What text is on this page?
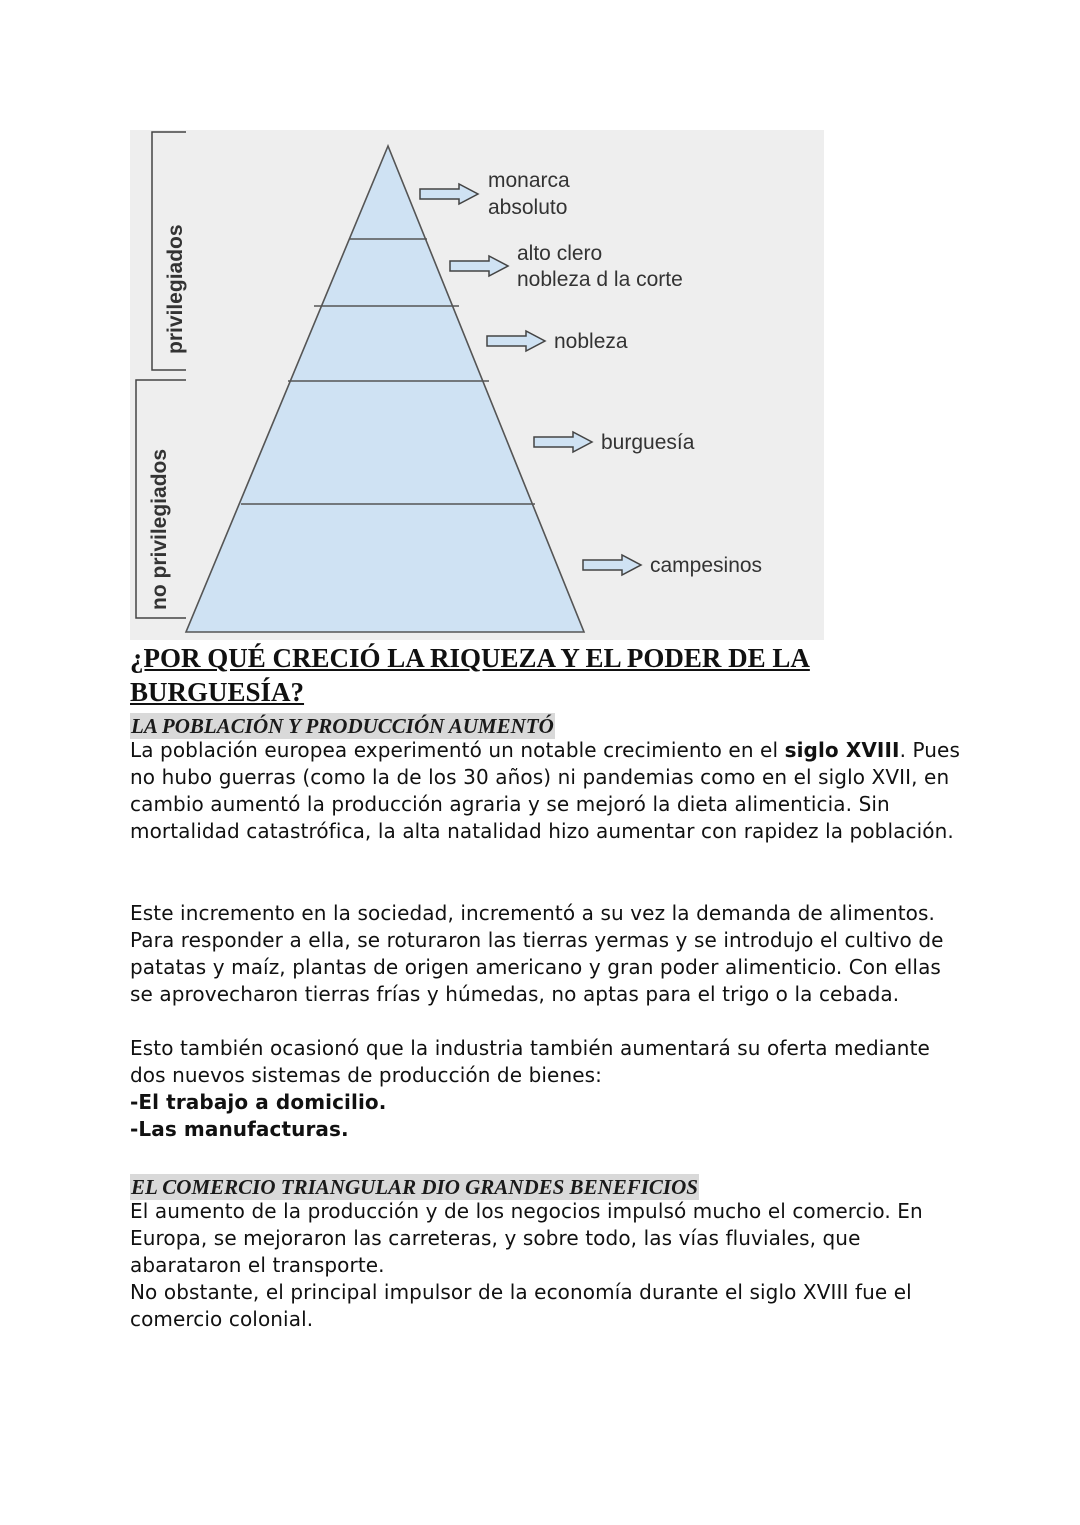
privilegiados
no privilegiados
monarca
absoluto
alto clero
nobleza d la corte
nobleza
burguesía
campesinos
¿POR QUÉ CRECIÓ LA RIQUEZA Y EL PODER DE LA BURGUESÍA?

LA POBLACIÓN Y PRODUCCIÓN AUMENTÓ

La población europea experimentó un notable crecimiento en el siglo XVIII. Pues no hubo guerras (como la de los 30 años) ni pandemias como en el siglo XVII, en cambio aumentó la producción agraria y se mejoró la dieta alimenticia. Sin mortalidad catastrófica, la alta natalidad hizo aumentar con rapidez la población.

Este incremento en la sociedad, incrementó a su vez la demanda de alimentos. Para responder a ella, se roturaron las tierras yermas y se introdujo el cultivo de patatas y maíz, plantas de origen americano y gran poder alimenticio. Con ellas se aprovecharon tierras frías y húmedas, no aptas para el trigo o la cebada.

Esto también ocasionó que la industria también aumentará su oferta mediante dos nuevos sistemas de producción de bienes:

-El trabajo a domicilio.

-Las manufacturas.

EL COMERCIO TRIANGULAR DIO GRANDES BENEFICIOS

El aumento de la producción y de los negocios impulsó mucho el comercio. En Europa, se mejoraron las carreteras, y sobre todo, las vías fluviales, que abarataron el transporte.

No obstante, el principal impulsor de la economía durante el siglo XVIII fue el comercio colonial.
